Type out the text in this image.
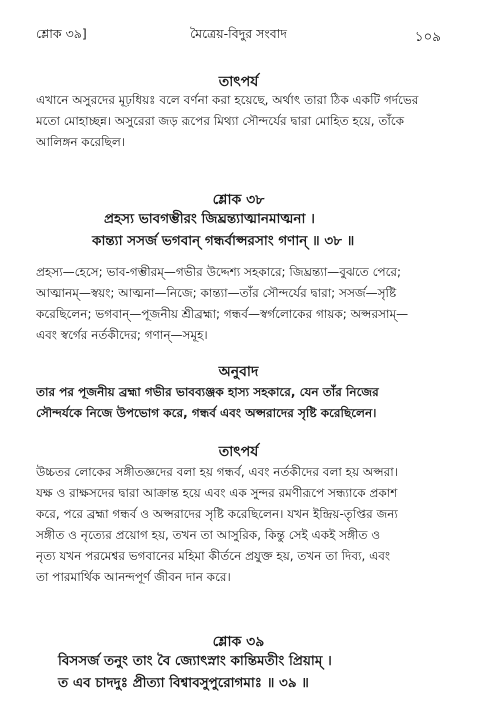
শ্লোক ৩৯]	মৈত্রেয়-বিদুর সংবাদ	১০৯
তাৎপর্য
এখানে অসুরদের মূঢ়ধিয়ঃ বলে বর্ণনা করা হয়েছে, অর্থাৎ তারা ঠিক একটি গর্দভের
মতো মোহাচ্ছন্ন। অসুরেরা জড় রূপের মিথ্যা সৌন্দর্যের দ্বারা মোহিত হয়ে, তাঁকে
আলিঙ্গন করেছিল।
শ্লোক ৩৮
প্রহস্য ভাবগম্ভীরং জিঘ্রন্ত্যাত্মানমাত্মনা ।
কান্ত্যা সসর্জ ভগবান্ গন্ধর্বাপ্সরসাং গণান্ ॥ ৩৮ ॥
প্রহস্য—হেসে; ভাব-গম্ভীরম্—গভীর উদ্দেশ্য সহকারে; জিঘ্রন্ত্যা—বুঝতে পেরে;
আত্মানম্—স্বয়ং; আত্মনা—নিজে; কান্ত্যা—তাঁর সৌন্দর্যের দ্বারা; সসর্জ—সৃষ্টি
করেছিলেন; ভগবান্—পূজনীয় শ্রীব্রহ্মা; গন্ধর্ব—স্বর্গলোকের গায়ক; অপ্সরসাম্—
এবং স্বর্গের নর্তকীদের; গণান্—সমূহ।
অনুবাদ
তার পর পূজনীয় ব্রহ্মা গভীর ভাবব্যঞ্জক হাস্য সহকারে, যেন তাঁর নিজের
সৌন্দর্যকে নিজে উপভোগ করে, গন্ধর্ব এবং অপ্সরাদের সৃষ্টি করেছিলেন।
তাৎপর্য
উচ্চতর লোকের সঙ্গীতজ্ঞদের বলা হয় গন্ধর্ব, এবং নর্তকীদের বলা হয় অপ্সরা।
যক্ষ ও রাক্ষসদের দ্বারা আক্রান্ত হয়ে এবং এক সুন্দর রমণীরূপে সন্ধ্যাকে প্রকাশ
করে, পরে ব্রহ্মা গন্ধর্ব ও অপ্সরাদের সৃষ্টি করেছিলেন। যখন ইন্দ্রিয়-তৃপ্তির জন্য
সঙ্গীত ও নৃত্যের প্রয়োগ হয়, তখন তা আসুরিক, কিন্তু সেই একই সঙ্গীত ও
নৃত্য যখন পরমেশ্বর ভগবানের মহিমা কীর্তনে প্রযুক্ত হয়, তখন তা দিব্য, এবং
তা পারমার্থিক আনন্দপূর্ণ জীবন দান করে।
শ্লোক ৩৯
বিসসর্জ তনুং তাং বৈ জ্যোৎস্নাং কান্তিমতীং প্রিয়াম্ ।
ত এব চাদদুঃ প্রীত্যা বিশ্বাবসুপুরোগমাঃ ॥ ৩৯ ॥
